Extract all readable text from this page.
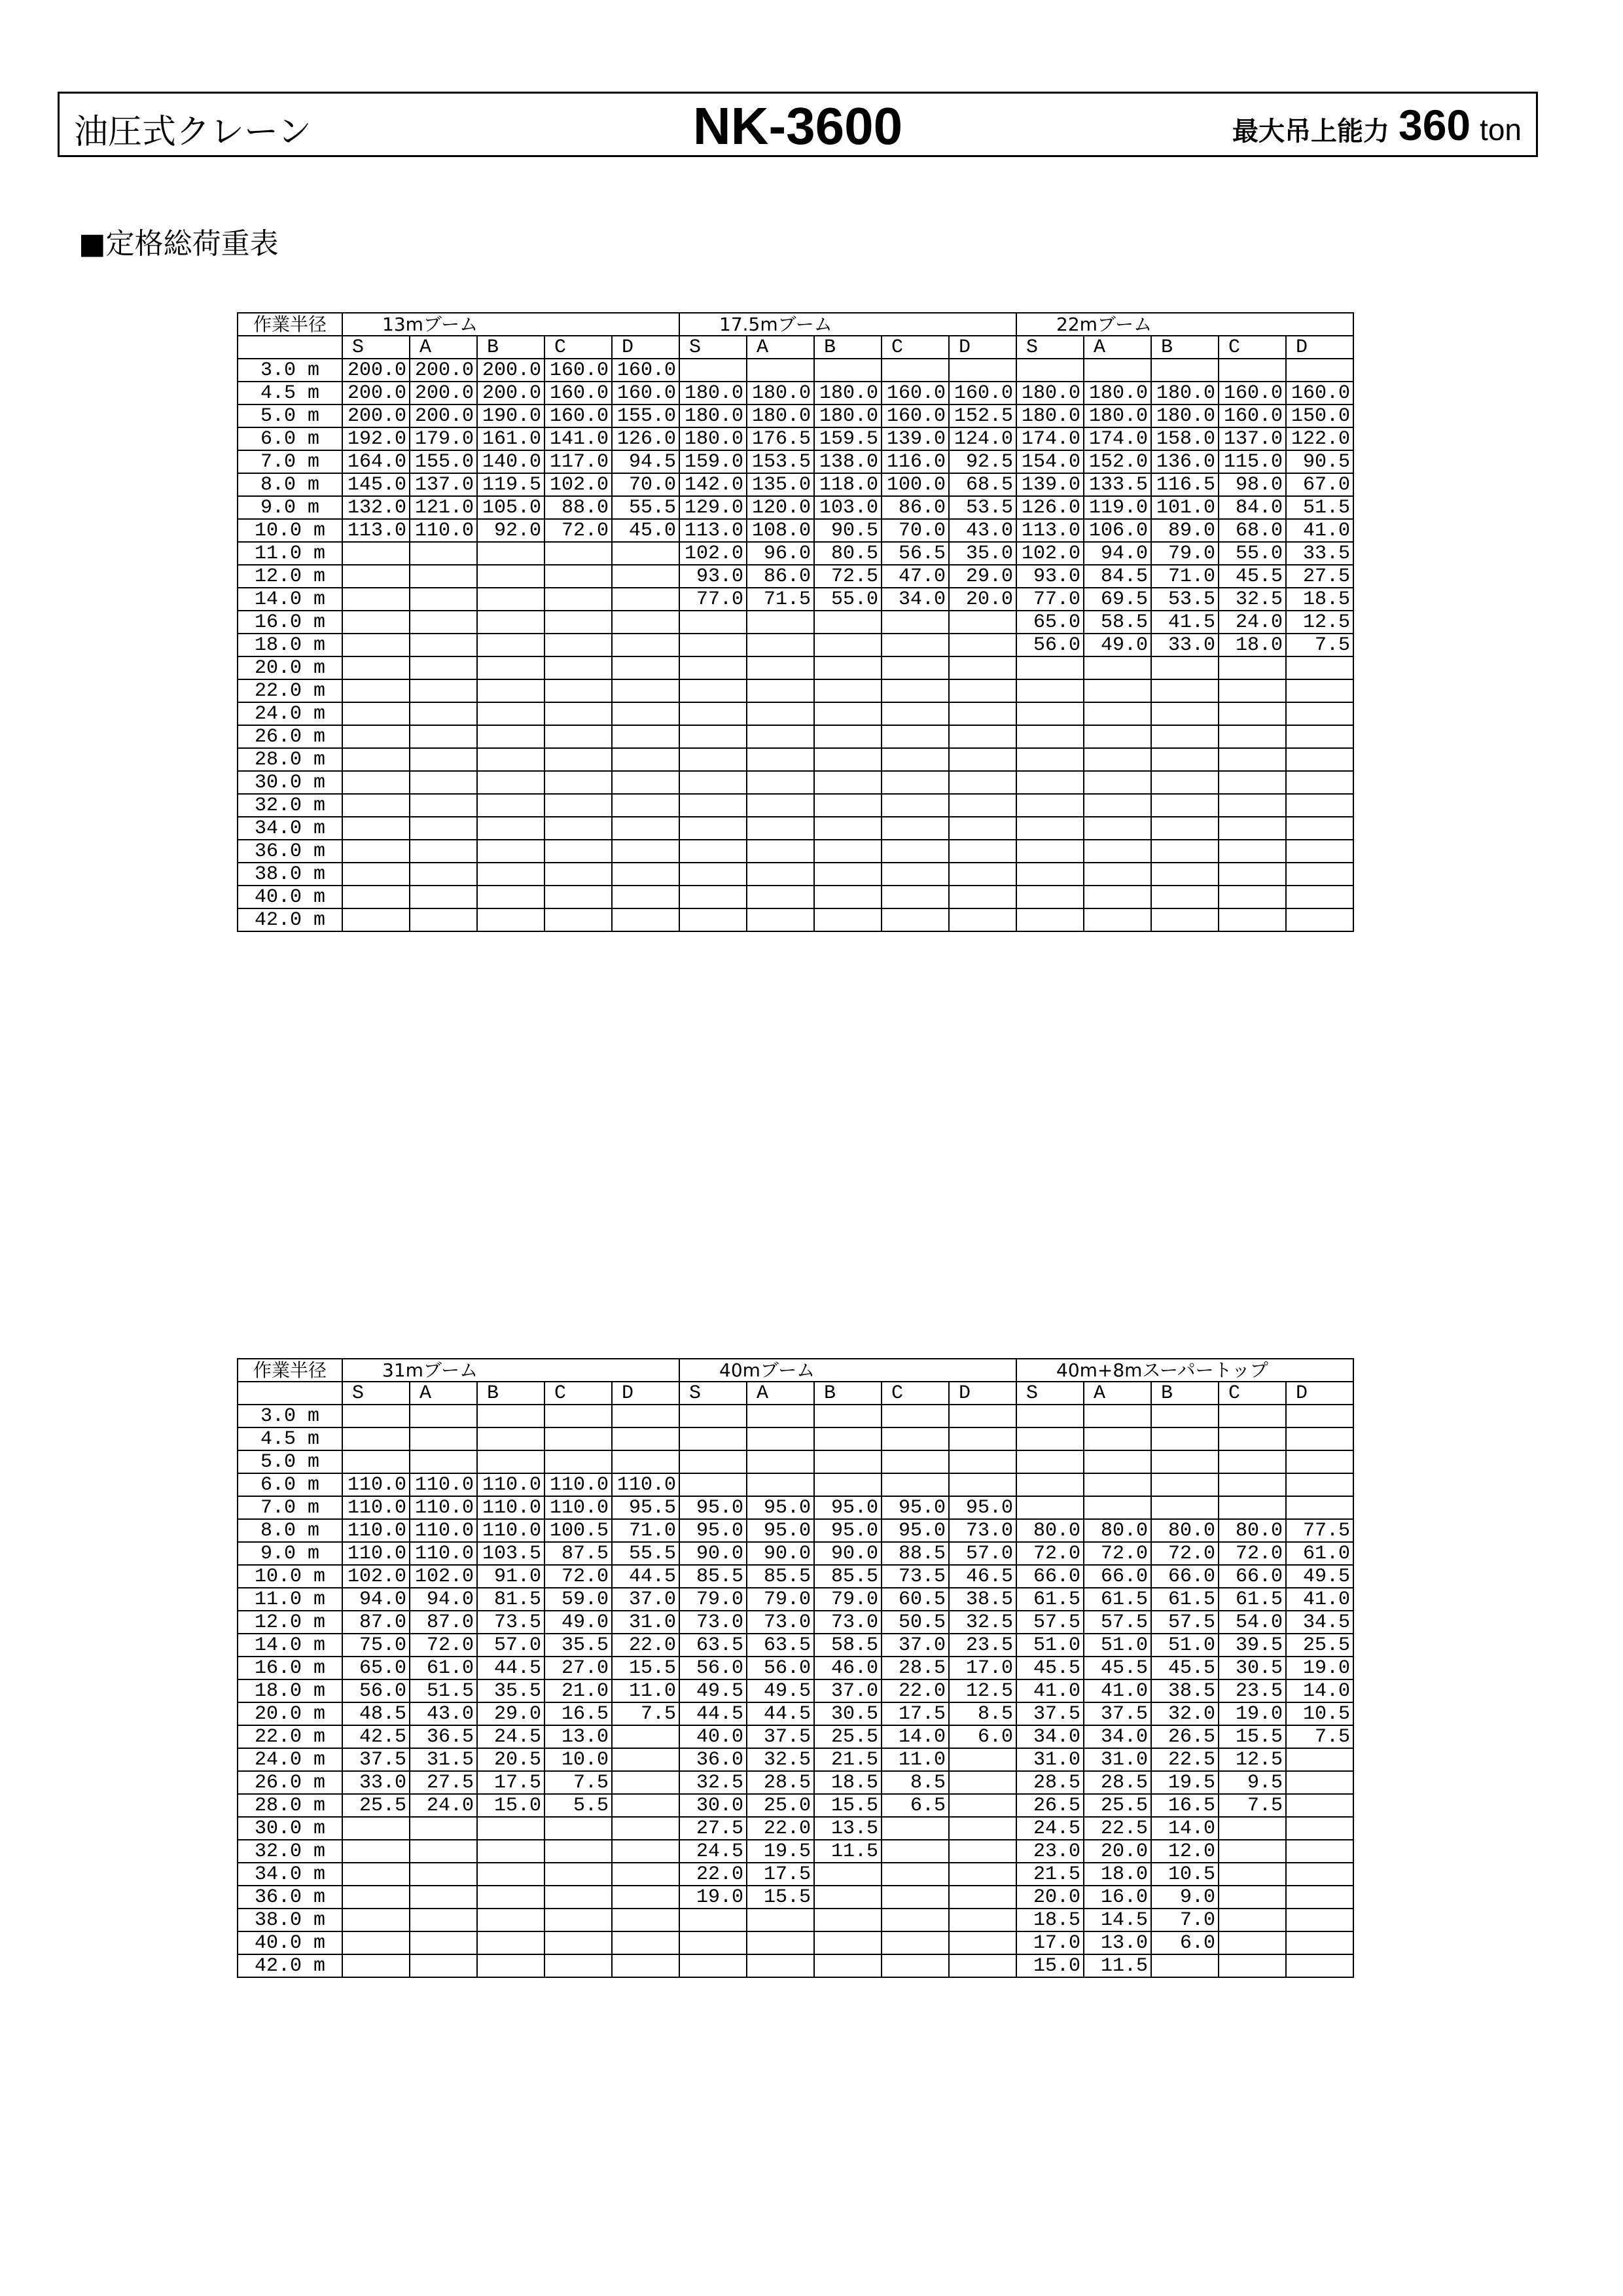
油圧式クレーン	NK-3600	最大吊上能力 360 ton
■定格総荷重表
作業半径	13mブーム					17.5mブーム					22mブーム				
	S	A	B	C	D	S	A	B	C	D	S	A	B	C	D
3.0 m	200.0	200.0	200.0	160.0	160.0										
4.5 m	200.0	200.0	200.0	160.0	160.0	180.0	180.0	180.0	160.0	160.0	180.0	180.0	180.0	160.0	160.0
5.0 m	200.0	200.0	190.0	160.0	155.0	180.0	180.0	180.0	160.0	152.5	180.0	180.0	180.0	160.0	150.0
6.0 m	192.0	179.0	161.0	141.0	126.0	180.0	176.5	159.5	139.0	124.0	174.0	174.0	158.0	137.0	122.0
7.0 m	164.0	155.0	140.0	117.0	94.5	159.0	153.5	138.0	116.0	92.5	154.0	152.0	136.0	115.0	90.5
8.0 m	145.0	137.0	119.5	102.0	70.0	142.0	135.0	118.0	100.0	68.5	139.0	133.5	116.5	98.0	67.0
9.0 m	132.0	121.0	105.0	88.0	55.5	129.0	120.0	103.0	86.0	53.5	126.0	119.0	101.0	84.0	51.5
10.0 m	113.0	110.0	92.0	72.0	45.0	113.0	108.0	90.5	70.0	43.0	113.0	106.0	89.0	68.0	41.0
11.0 m						102.0	96.0	80.5	56.5	35.0	102.0	94.0	79.0	55.0	33.5
12.0 m						93.0	86.0	72.5	47.0	29.0	93.0	84.5	71.0	45.5	27.5
14.0 m						77.0	71.5	55.0	34.0	20.0	77.0	69.5	53.5	32.5	18.5
16.0 m											65.0	58.5	41.5	24.0	12.5
18.0 m											56.0	49.0	33.0	18.0	7.5
20.0 m															
22.0 m															
24.0 m															
26.0 m															
28.0 m															
30.0 m															
32.0 m															
34.0 m															
36.0 m															
38.0 m															
40.0 m															
42.0 m															
作業半径	31mブーム					40mブーム					40m+8mスーパートップ				
	S	A	B	C	D	S	A	B	C	D	S	A	B	C	D
3.0 m															
4.5 m															
5.0 m															
6.0 m	110.0	110.0	110.0	110.0	110.0										
7.0 m	110.0	110.0	110.0	110.0	95.5	95.0	95.0	95.0	95.0	95.0					
8.0 m	110.0	110.0	110.0	100.5	71.0	95.0	95.0	95.0	95.0	73.0	80.0	80.0	80.0	80.0	77.5
9.0 m	110.0	110.0	103.5	87.5	55.5	90.0	90.0	90.0	88.5	57.0	72.0	72.0	72.0	72.0	61.0
10.0 m	102.0	102.0	91.0	72.0	44.5	85.5	85.5	85.5	73.5	46.5	66.0	66.0	66.0	66.0	49.5
11.0 m	94.0	94.0	81.5	59.0	37.0	79.0	79.0	79.0	60.5	38.5	61.5	61.5	61.5	61.5	41.0
12.0 m	87.0	87.0	73.5	49.0	31.0	73.0	73.0	73.0	50.5	32.5	57.5	57.5	57.5	54.0	34.5
14.0 m	75.0	72.0	57.0	35.5	22.0	63.5	63.5	58.5	37.0	23.5	51.0	51.0	51.0	39.5	25.5
16.0 m	65.0	61.0	44.5	27.0	15.5	56.0	56.0	46.0	28.5	17.0	45.5	45.5	45.5	30.5	19.0
18.0 m	56.0	51.5	35.5	21.0	11.0	49.5	49.5	37.0	22.0	12.5	41.0	41.0	38.5	23.5	14.0
20.0 m	48.5	43.0	29.0	16.5	7.5	44.5	44.5	30.5	17.5	8.5	37.5	37.5	32.0	19.0	10.5
22.0 m	42.5	36.5	24.5	13.0		40.0	37.5	25.5	14.0	6.0	34.0	34.0	26.5	15.5	7.5
24.0 m	37.5	31.5	20.5	10.0		36.0	32.5	21.5	11.0		31.0	31.0	22.5	12.5	
26.0 m	33.0	27.5	17.5	7.5		32.5	28.5	18.5	8.5		28.5	28.5	19.5	9.5	
28.0 m	25.5	24.0	15.0	5.5		30.0	25.0	15.5	6.5		26.5	25.5	16.5	7.5	
30.0 m						27.5	22.0	13.5			24.5	22.5	14.0		
32.0 m						24.5	19.5	11.5			23.0	20.0	12.0		
34.0 m						22.0	17.5				21.5	18.0	10.5		
36.0 m						19.0	15.5				20.0	16.0	9.0		
38.0 m											18.5	14.5	7.0		
40.0 m											17.0	13.0	6.0		
42.0 m											15.0	11.5			
